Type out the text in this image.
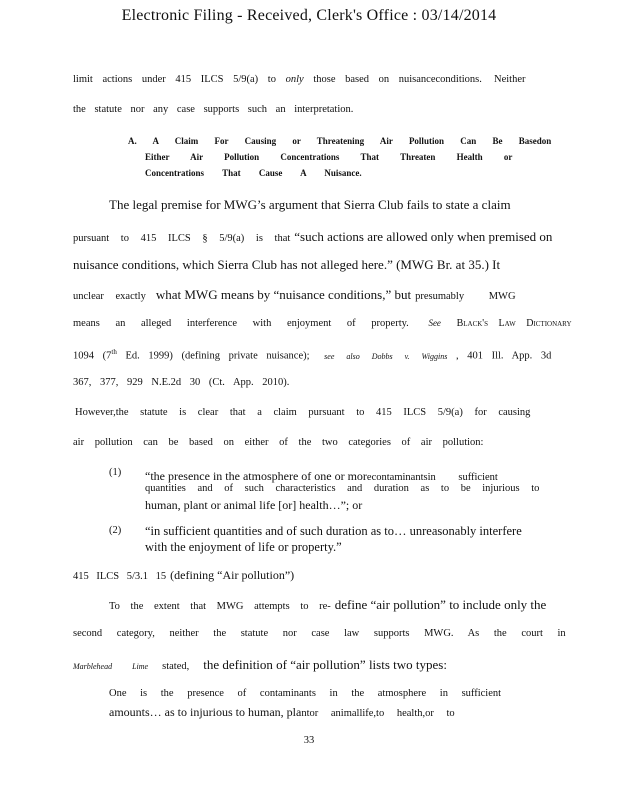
Electronic Filing - Received, Clerk's Office : 03/14/2014
limit actions under 415 ILCS 5/9(a) to only those based on nuisanceconditions. Neither
the statute nor any case supports such an interpretation.
A. A Claim For Causing or Threatening Air Pollution Can Be Basedon
Either Air Pollution Concentrations That Threaten Health or
Concentrations That Cause A Nuisance.
The legal premise for MWG’s argument that Sierra Club fails to state a claim
pursuant to 415 ILCS § 5/9(a) is that “such actions are allowed only when premised on
nuisance conditions, which Sierra Club has not alleged here.” (MWG Br. at 35.) It
unclear exactly what MWG means by “nuisance conditions,” but presumably MWG
means an alleged interference with enjoyment of property. See Black's Law Dictionary
1094 (7th Ed. 1999) (defining private nuisance); see also Dobbs v. Wiggins , 401 Ill. App. 3d
367, 377, 929 N.E.2d 30 (Ct. App. 2010).
However,the statute is clear that a claim pursuant to 415 ILCS 5/9(a) for causing
air pollution can be based on either of the two categories of air pollution:
(1) “the presence in the atmosphere of one or morecontaminantsin sufficient
quantities and of such characteristics and duration as to be injurious to
human, plant or animal life [or] health…”; or
(2) “in sufficient quantities and of such duration as to… unreasonably interfere
with the enjoyment of life or property.”
415 ILCS 5/3.1 15 (defining “Air pollution”)
To the extent that MWG attempts to re- define “air pollution” to include only the
second category, neither the statute nor case law supports MWG. As the court in
Marblehead Lime stated, the definition of “air pollution” lists two types:
One is the presence of contaminants in the atmosphere in sufficient
amounts… as to injurious to human, plantor animallife,to health,or to
33
